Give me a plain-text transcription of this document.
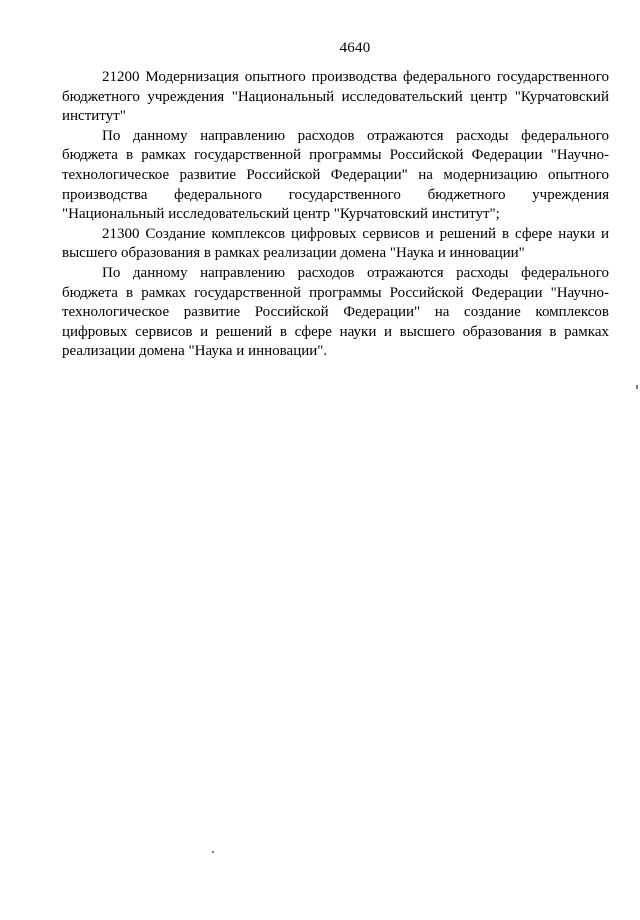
4640

21200 Модернизация опытного производства федерального государственного бюджетного учреждения "Национальный исследовательский центр "Курчатовский институт"

По данному направлению расходов отражаются расходы федерального бюджета в рамках государственной программы Российской Федерации "Научно-технологическое развитие Российской Федерации" на модернизацию опытного производства федерального государственного бюджетного учреждения "Национальный исследовательский центр "Курчатовский институт";

21300 Создание комплексов цифровых сервисов и решений в сфере науки и высшего образования в рамках реализации домена "Наука и инновации"

По данному направлению расходов отражаются расходы федерального бюджета в рамках государственной программы Российской Федерации "Научно-технологическое развитие Российской Федерации" на создание комплексов цифровых сервисов и решений в сфере науки и высшего образования в рамках реализации домена "Наука и инновации".
